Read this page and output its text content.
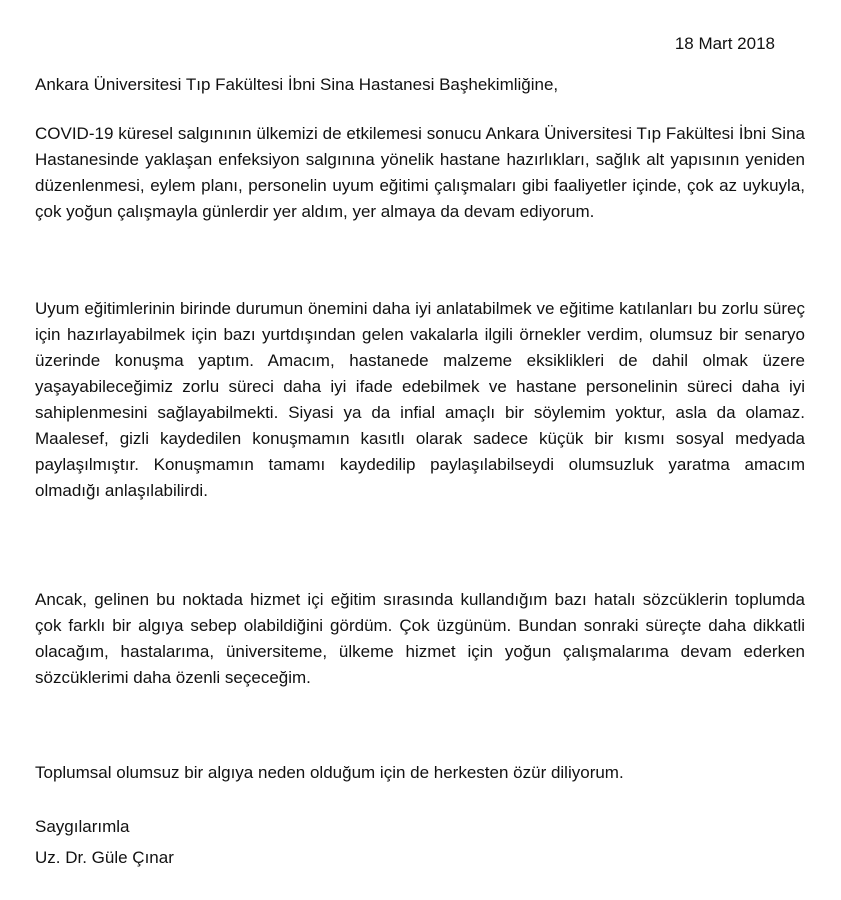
18 Mart 2018
Ankara Üniversitesi Tıp Fakültesi İbni Sina Hastanesi Başhekimliğine,

COVID-19 küresel salgınının ülkemizi de etkilemesi sonucu Ankara Üniversitesi Tıp Fakültesi İbni Sina Hastanesinde yaklaşan enfeksiyon salgınına yönelik hastane hazırlıkları, sağlık alt yapısının yeniden düzenlenmesi, eylem planı, personelin uyum eğitimi çalışmaları gibi faaliyetler içinde, çok az uykuyla, çok yoğun çalışmayla günlerdir yer aldım, yer almaya da devam ediyorum.

Uyum eğitimlerinin birinde durumun önemini daha iyi anlatabilmek ve eğitime katılanları bu zorlu süreç için hazırlayabilmek için bazı yurtdışından gelen vakalarla ilgili örnekler verdim, olumsuz bir senaryo üzerinde konuşma yaptım. Amacım, hastanede malzeme eksiklikleri de dahil olmak üzere yaşayabileceğimiz zorlu süreci daha iyi ifade edebilmek ve hastane personelinin süreci daha iyi sahiplenmesini sağlayabilmekti. Siyasi ya da infial amaçlı bir söylemim yoktur, asla da olamaz. Maalesef, gizli kaydedilen konuşmamın kasıtlı olarak sadece küçük bir kısmı sosyal medyada paylaşılmıştır. Konuşmamın tamamı kaydedilip paylaşılabilseydi olumsuzluk yaratma amacım olmadığı anlaşılabilirdi.

Ancak, gelinen bu noktada hizmet içi eğitim sırasında kullandığım bazı hatalı sözcüklerin toplumda çok farklı bir algıya sebep olabildiğini gördüm. Çok üzgünüm. Bundan sonraki süreçte daha dikkatli olacağım, hastalarıma, üniversiteme, ülkeme hizmet için yoğun çalışmalarıma devam ederken sözcüklerimi daha özenli seçeceğim.

Toplumsal olumsuz bir algıya neden olduğum için de herkesten özür diliyorum.

Saygılarımla
Uz. Dr. Güle Çınar
